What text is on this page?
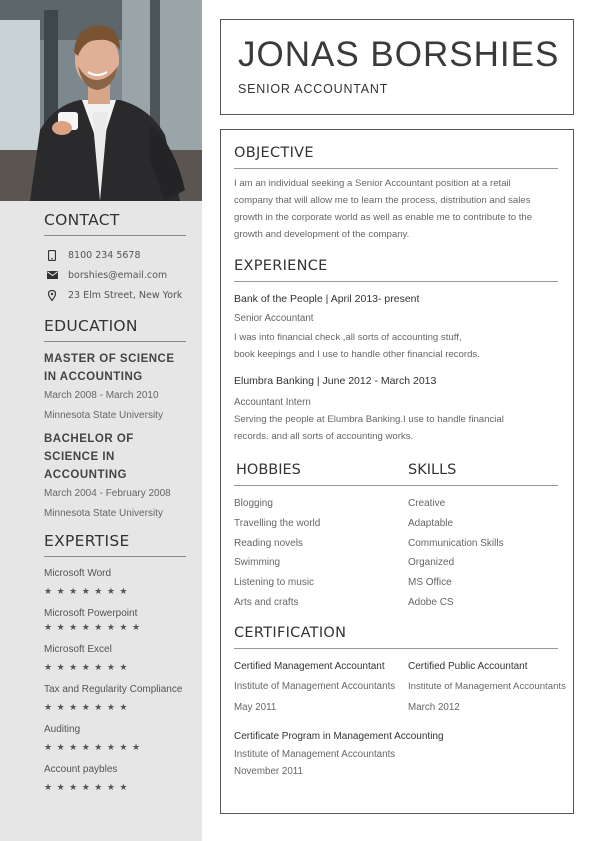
CONTACT
8100 234 5678
borshies@email.com
23 Elm Street, New York
EDUCATION
MASTER OF SCIENCE IN ACCOUNTING
March 2008 - March 2010
Minnesota State University
BACHELOR OF SCIENCE IN ACCOUNTING
March 2004 - February 2008
Minnesota State University
EXPERTISE
Microsoft Word
★★★★★★★
Microsoft Powerpoint
★★★★★★★★
Microsoft Excel
★★★★★★★
Tax and Regularity Compliance
★★★★★★★
Auditing
★★★★★★★★
Account paybles
★★★★★★★
JONAS BORSHIES
SENIOR ACCOUNTANT
OBJECTIVE
I am an individual seeking a Senior Accountant position at a retail
company that will allow me to learn the process, distribution and sales
growth in the corporate world as well as enable me to contribute to the
growth and development of the company.
EXPERIENCE
Bank of the People | April 2013- present
Senior Accountant
I was into financial check ,all sorts of accounting stuff,
book keepings and I use to handle other financial records.
Elumbra Banking | June 2012 - March 2013
Accountant Intern
Serving the people at Elumbra Banking.I use to handle financial
records. and all sorts of accounting works.
HOBBIES	SKILLS
Blogging
Travelling the world
Reading novels
Swimming
Listening to music
Arts and crafts
Creative
Adaptable
Communication Skills
Organized
MS Office
Adobe CS
CERTIFICATION
Certified Management Accountant
Institute of Management Accountants
May 2011
Certified Public Accountant
Institute of Management Accountants
March 2012
Certificate Program in Management Accounting
Institute of Management Accountants
November 2011
